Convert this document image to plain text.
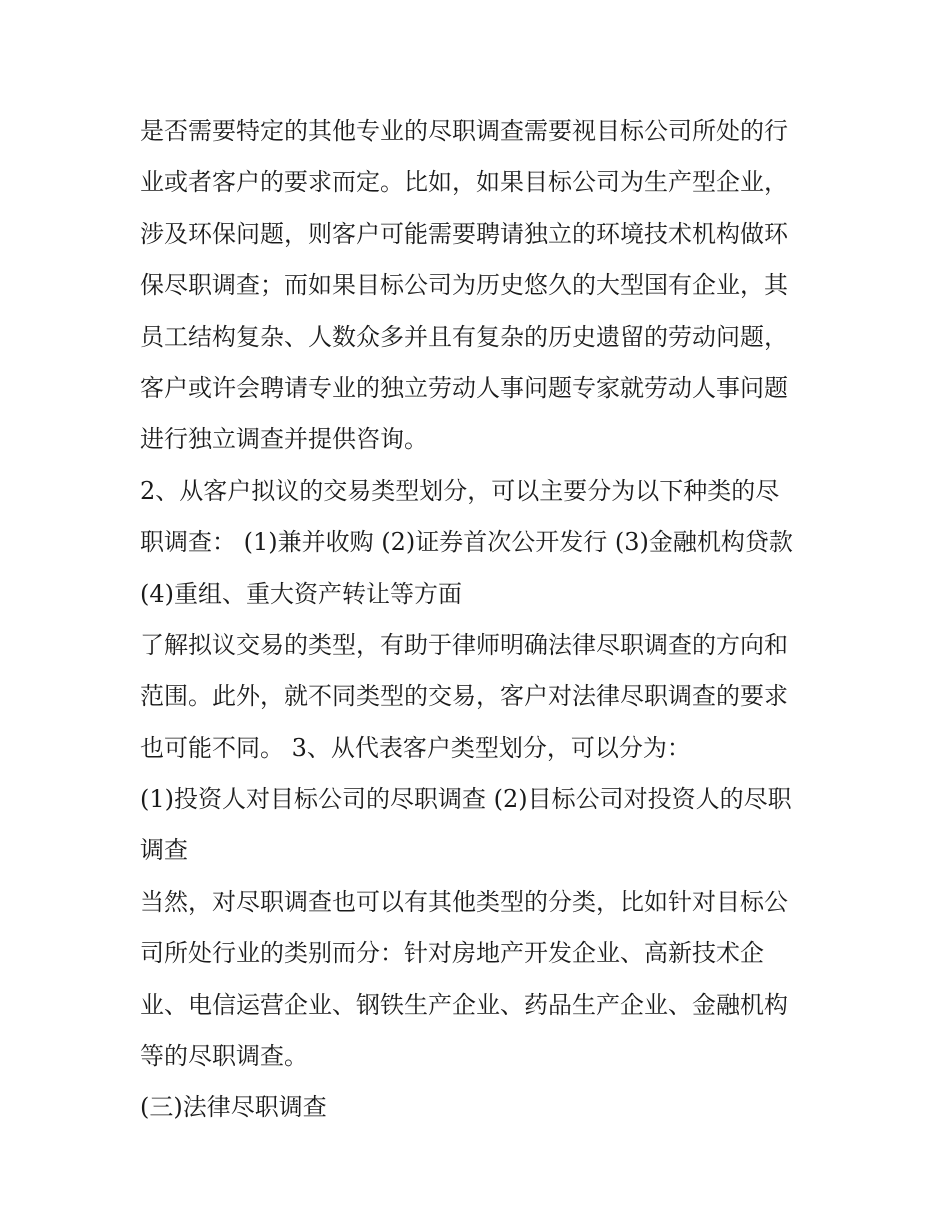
是否需要特定的其他专业的尽职调查需要视目标公司所处的行
业或者客户的要求而定。比如，如果目标公司为生产型企业，
涉及环保问题，则客户可能需要聘请独立的环境技术机构做环
保尽职调查；而如果目标公司为历史悠久的大型国有企业，其
员工结构复杂、人数众多并且有复杂的历史遗留的劳动问题，
客户或许会聘请专业的独立劳动人事问题专家就劳动人事问题
进行独立调查并提供咨询。
2、从客户拟议的交易类型划分，可以主要分为以下种类的尽
职调查： (1)兼并收购 (2)证券首次公开发行 (3)金融机构贷款
(4)重组、重大资产转让等方面
了解拟议交易的类型，有助于律师明确法律尽职调查的方向和
范围。此外，就不同类型的交易，客户对法律尽职调查的要求
也可能不同。 3、从代表客户类型划分，可以分为：
(1)投资人对目标公司的尽职调查 (2)目标公司对投资人的尽职
调查
当然，对尽职调查也可以有其他类型的分类，比如针对目标公
司所处行业的类别而分：针对房地产开发企业、高新技术企
业、电信运营企业、钢铁生产企业、药品生产企业、金融机构
等的尽职调查。
(三)法律尽职调查
